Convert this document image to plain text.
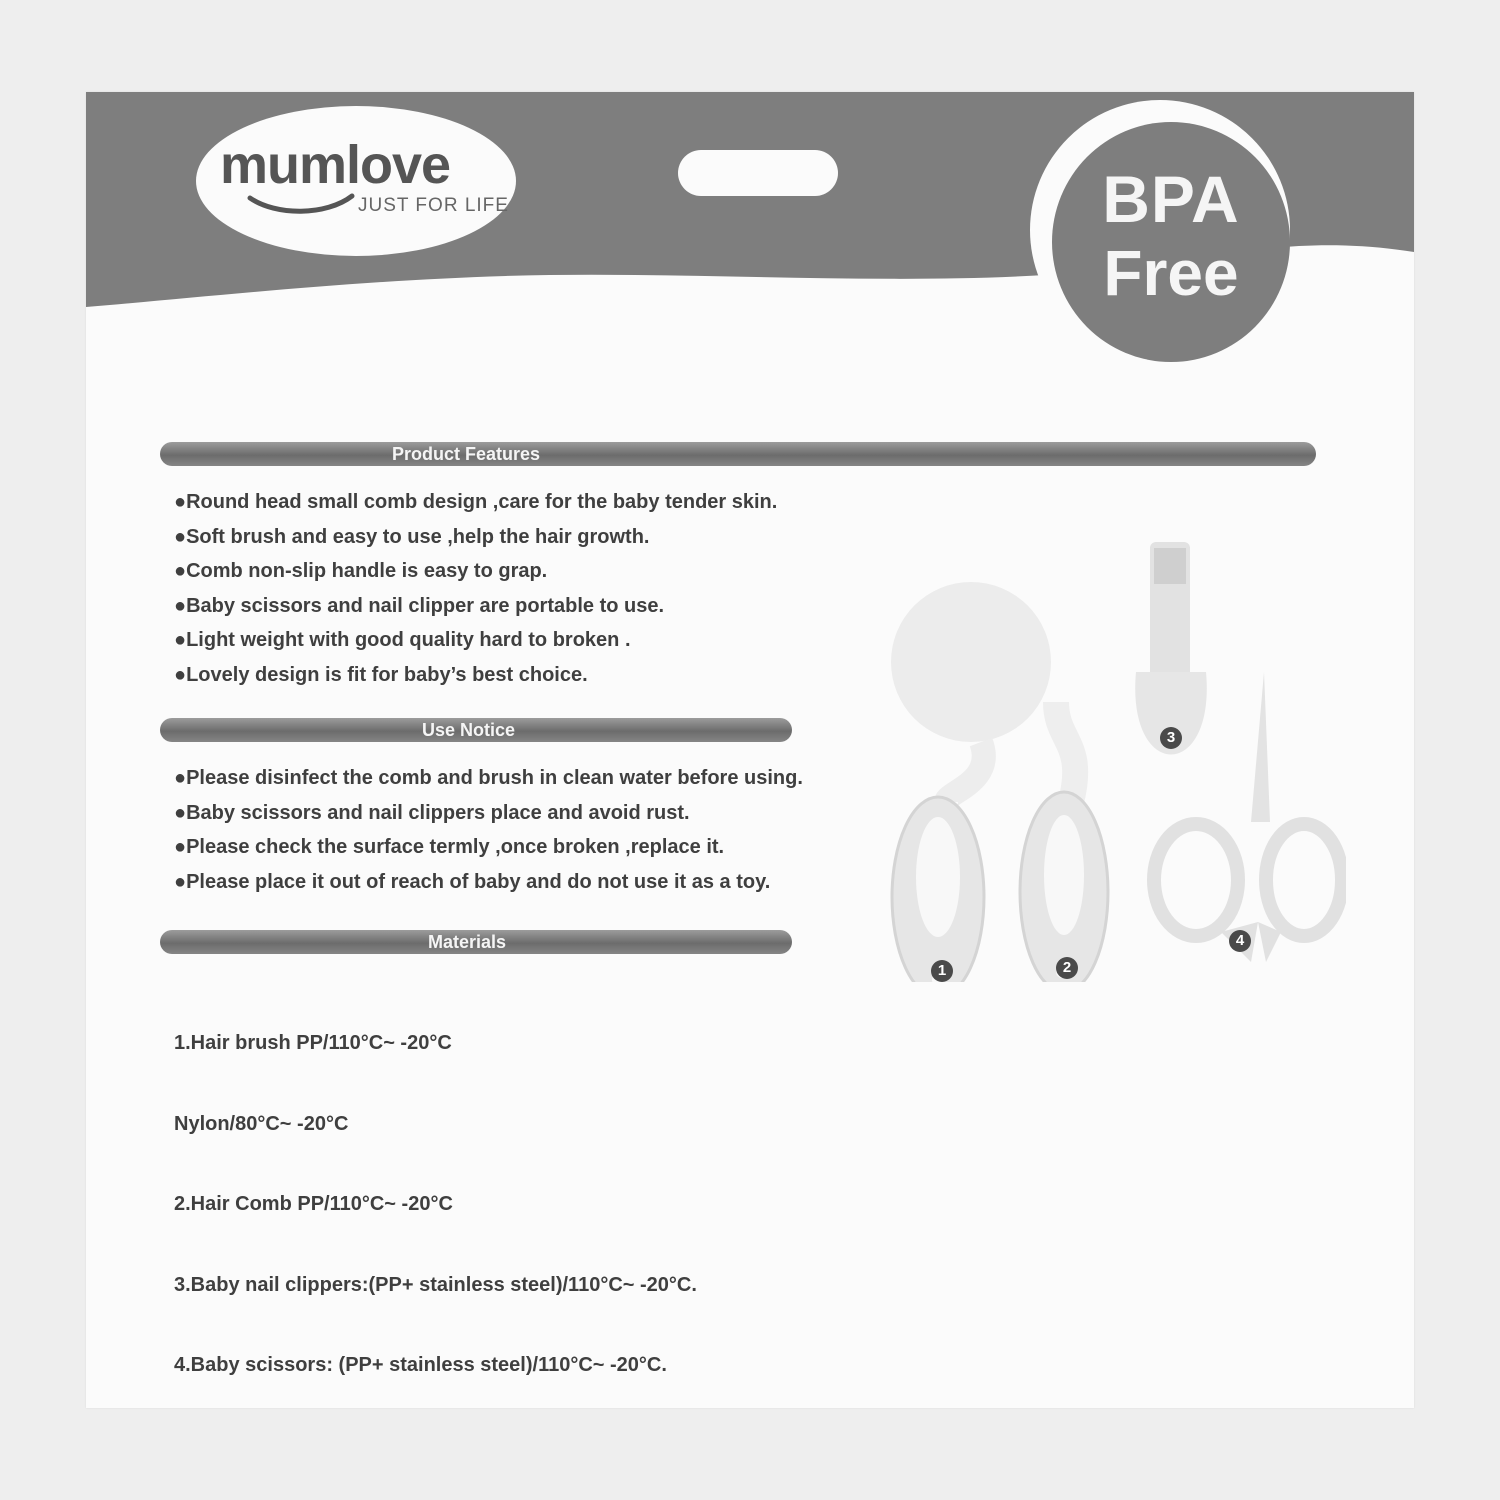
mumlove
JUST FOR LIFE	BPA
Free
Product Features
●Round head small comb design ,care for the baby tender skin.
●Soft brush and easy to use ,help the hair growth.
●Comb non-slip handle is easy to grap.
●Baby scissors and nail clipper are portable to use.
●Light weight with good quality hard to broken .
●Lovely design is fit for baby’s best choice.
Use Notice
●Please disinfect the comb and brush in clean water before using.
●Baby scissors and nail clippers place and avoid rust.
●Please check the surface termly ,once broken ,replace it.
●Please place it out of reach of baby and do not use it as a toy.
Materials

1.Hair brush PP/110°C~ -20°C

Nylon/80°C~ -20°C

2.Hair Comb PP/110°C~ -20°C

3.Baby nail clippers:(PP+ stainless steel)/110°C~ -20°C.

4.Baby scissors: (PP+ stainless steel)/110°C~ -20°C.

1	2
3
4
